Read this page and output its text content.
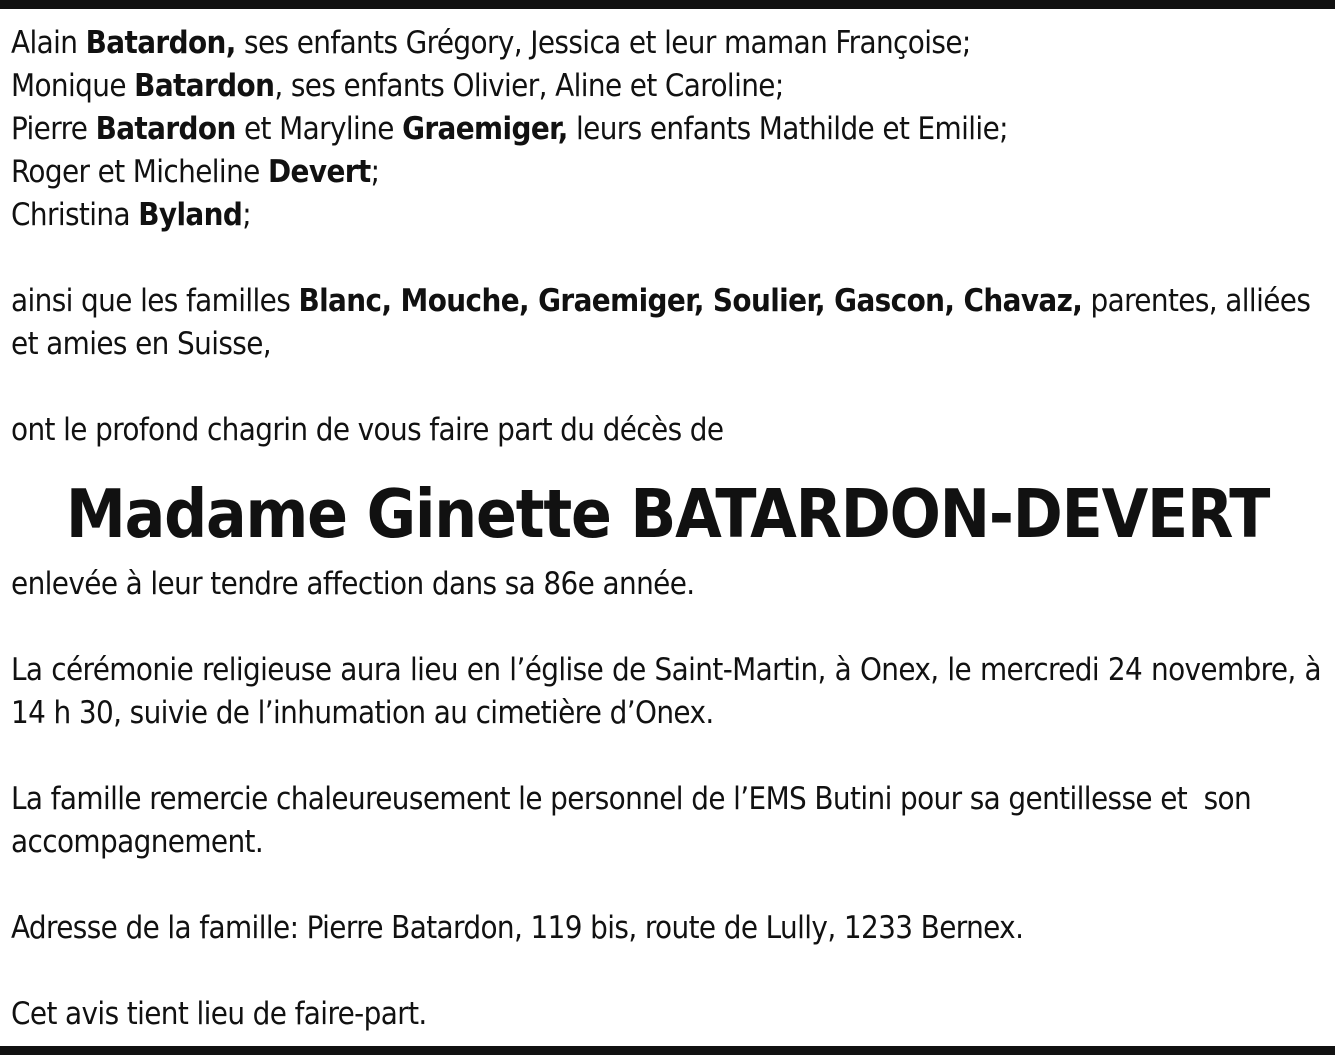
Alain Batardon, ses enfants Grégory, Jessica et leur maman Françoise;

Monique Batardon, ses enfants Olivier, Aline et Caroline;

Pierre Batardon et Maryline Graemiger, leurs enfants Mathilde et Emilie;

Roger et Micheline Devert;

Christina Byland;

ainsi que les familles Blanc, Mouche, Graemiger, Soulier, Gascon, Chavaz, parentes, alliées et amies en Suisse,

ont le profond chagrin de vous faire part du décès de

Madame Ginette BATARDON-DEVERT

enlevée à leur tendre affection dans sa 86e année.

La cérémonie religieuse aura lieu en l’église de Saint-Martin, à Onex, le mercredi 24 novembre, à 14 h 30, suivie de l’inhumation au cimetière d’Onex.

La famille remercie chaleureusement le personnel de l’EMS Butini pour sa gentillesse et  son accompagnement.

Adresse de la famille: Pierre Batardon, 119 bis, route de Lully, 1233 Bernex.

Cet avis tient lieu de faire-part.
